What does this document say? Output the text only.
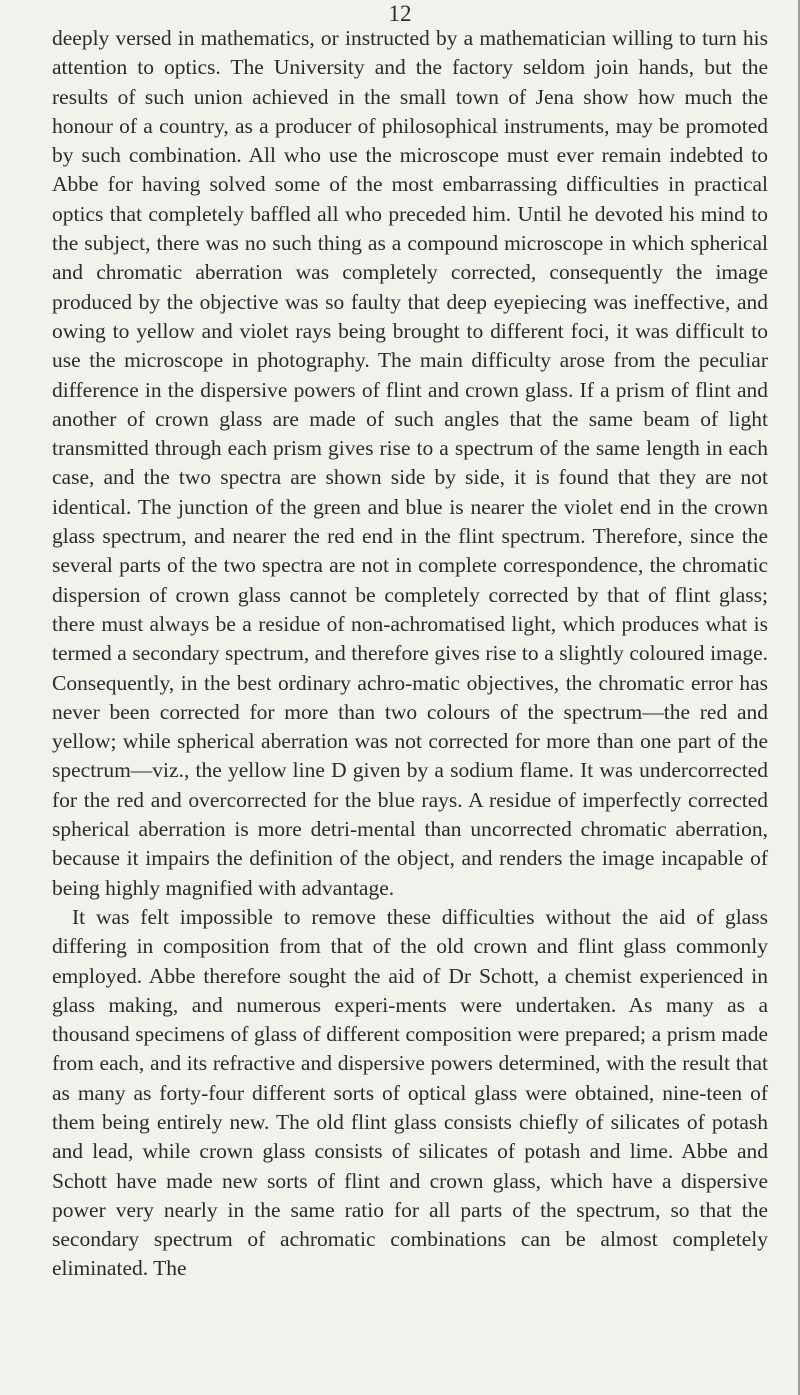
12

deeply versed in mathematics, or instructed by a mathematician willing to turn his attention to optics. The University and the factory seldom join hands, but the results of such union achieved in the small town of Jena show how much the honour of a country, as a producer of philosophical instruments, may be promoted by such combination. All who use the microscope must ever remain indebted to Abbe for having solved some of the most embarrassing difficulties in practical optics that completely baffled all who preceded him. Until he devoted his mind to the subject, there was no such thing as a compound microscope in which spherical and chromatic aberration was completely corrected, consequently the image produced by the objective was so faulty that deep eyepiecing was ineffective, and owing to yellow and violet rays being brought to different foci, it was difficult to use the microscope in photography. The main difficulty arose from the peculiar difference in the dispersive powers of flint and crown glass. If a prism of flint and another of crown glass are made of such angles that the same beam of light transmitted through each prism gives rise to a spectrum of the same length in each case, and the two spectra are shown side by side, it is found that they are not identical. The junction of the green and blue is nearer the violet end in the crown glass spectrum, and nearer the red end in the flint spectrum. Therefore, since the several parts of the two spectra are not in complete correspondence, the chromatic dispersion of crown glass cannot be completely corrected by that of flint glass; there must always be a residue of non-achromatised light, which produces what is termed a secondary spectrum, and therefore gives rise to a slightly coloured image. Consequently, in the best ordinary achro-matic objectives, the chromatic error has never been corrected for more than two colours of the spectrum—the red and yellow; while spherical aberration was not corrected for more than one part of the spectrum—viz., the yellow line D given by a sodium flame. It was undercorrected for the red and overcorrected for the blue rays. A residue of imperfectly corrected spherical aberration is more detri-mental than uncorrected chromatic aberration, because it impairs the definition of the object, and renders the image incapable of being highly magnified with advantage.

It was felt impossible to remove these difficulties without the aid of glass differing in composition from that of the old crown and flint glass commonly employed. Abbe therefore sought the aid of Dr Schott, a chemist experienced in glass making, and numerous experi-ments were undertaken. As many as a thousand specimens of glass of different composition were prepared; a prism made from each, and its refractive and dispersive powers determined, with the result that as many as forty-four different sorts of optical glass were obtained, nine-teen of them being entirely new. The old flint glass consists chiefly of silicates of potash and lead, while crown glass consists of silicates of potash and lime. Abbe and Schott have made new sorts of flint and crown glass, which have a dispersive power very nearly in the same ratio for all parts of the spectrum, so that the secondary spectrum of achromatic combinations can be almost completely eliminated. The
